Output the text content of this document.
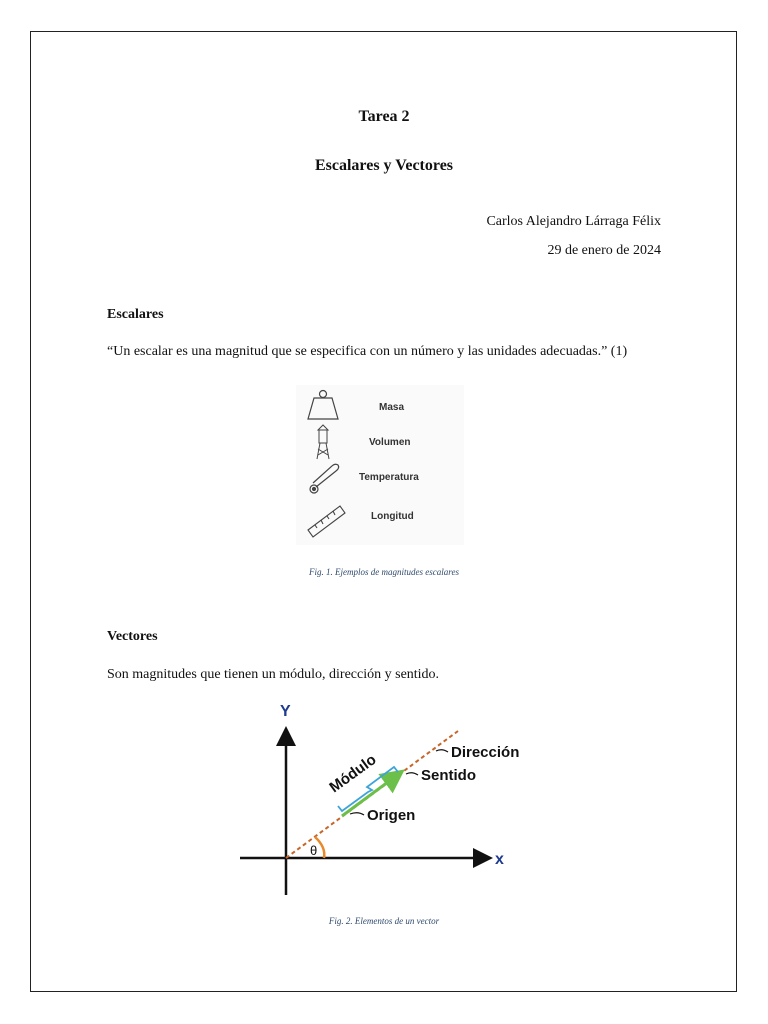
Tarea 2
Escalares y Vectores
Carlos Alejandro Lárraga Félix
29 de enero de 2024
Escalares
“Un escalar es una magnitud que se especifica con un número y las unidades adecuadas.” (1)
Masa
Volumen
Temperatura
Longitud
Fig. 1. Ejemplos de magnitudes escalares
Vectores
Son magnitudes que tienen un módulo, dirección y sentido.
Y
x
θ
Módulo	Dirección
Sentido
Origen
Fig. 2. Elementos de un vector
